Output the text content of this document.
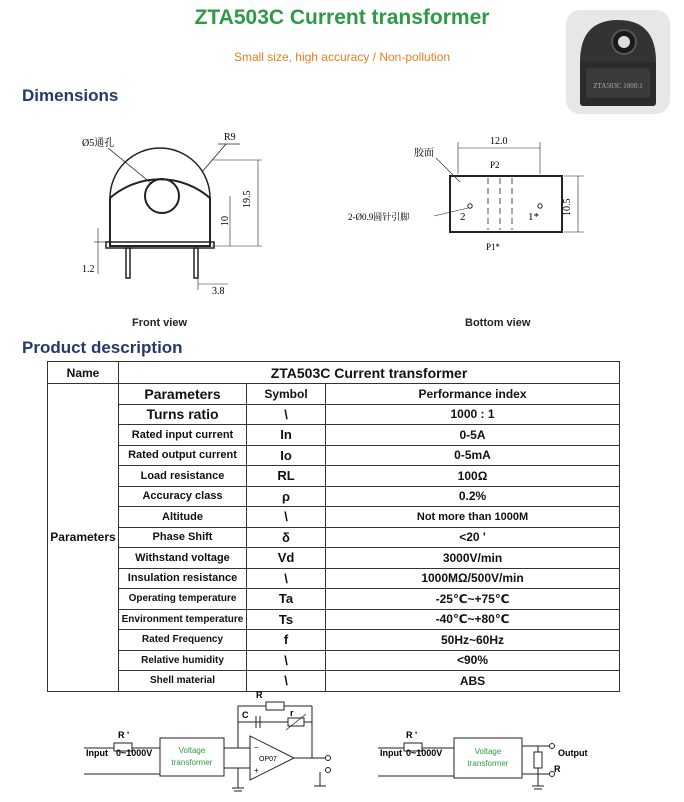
ZTA503C Current transformer
Small size, high accuracy / Non-pollution
ZTA503C 1000:1
Dimensions
Ø5通孔
R9
19.5
10
1.2
3.8
Front view
胶面
12.0
10.5
P2
P1*
2-Ø0.9圆针引脚	2	1*
Bottom view
Product description
Name	ZTA503C Current transformer		
Parameters	Parameters	Symbol	Performance index
	Turns ratio	\	1000 : 1
	Rated input current	In	0-5A
	Rated output current	Io	0-5mA
	Load resistance	RL	100Ω
	Accuracy class	ρ	0.2%
	Altitude	\	Not more than 1000M
	Phase Shift	δ	<20 '
	Withstand voltage	Vd	3000V/min
	Insulation resistance	\	1000MΩ/500V/min
	Operating temperature	Ta	-25℃~+75℃
	Environment temperature	Ts	-40℃~+80℃
	Rated Frequency	f	50Hz~60Hz
	Relative humidity	\	<90%
	Shell material	\	ABS
Voltage
transformer	OP07
−
+
Input 0~1000V
R '
R
C	r
Voltage
transformer
Input 0~1000V
R '
Output
R
